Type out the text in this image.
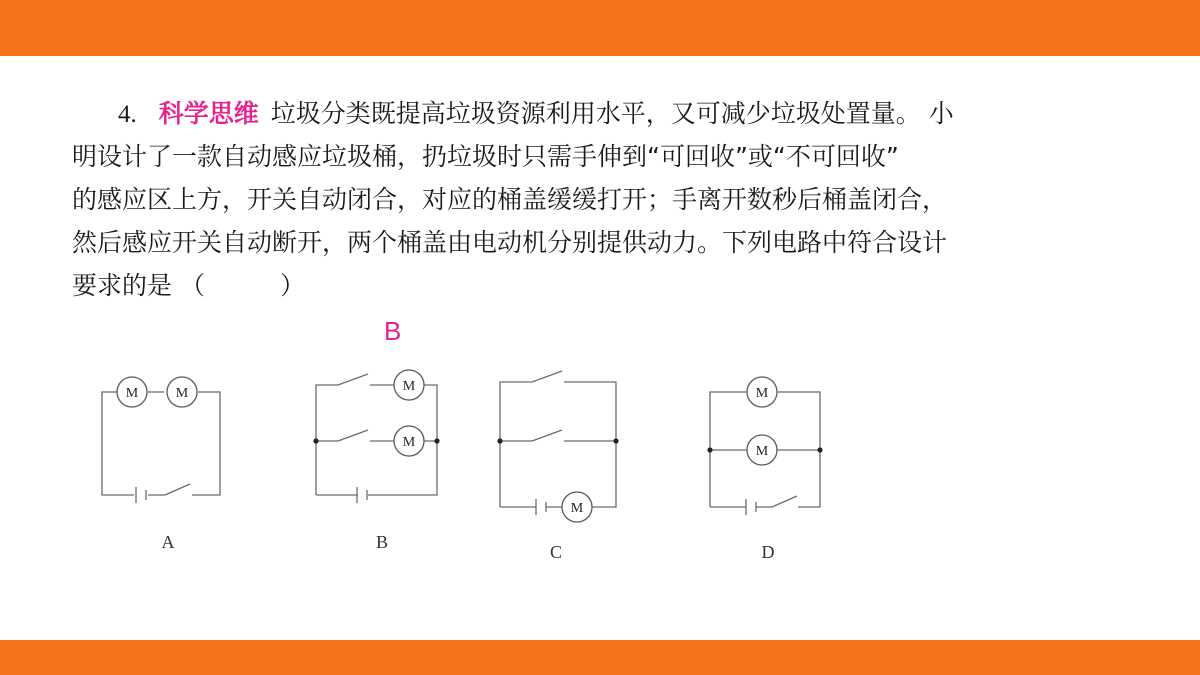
4. 科学思维 垃圾分类既提高垃圾资源利用水平，又可减少垃圾处置量。 小
明设计了一款自动感应垃圾桶，扔垃圾时只需手伸到“可回收”或“不可回收”
的感应区上方，开关自动闭合，对应的桶盖缓缓打开；手离开数秒后桶盖闭合，
然后感应开关自动断开，两个桶盖由电动机分别提供动力。下列电路中符合设计
要求的是 （　　　）
B
M	M
A
M
M
B
M
C
M
M
D
